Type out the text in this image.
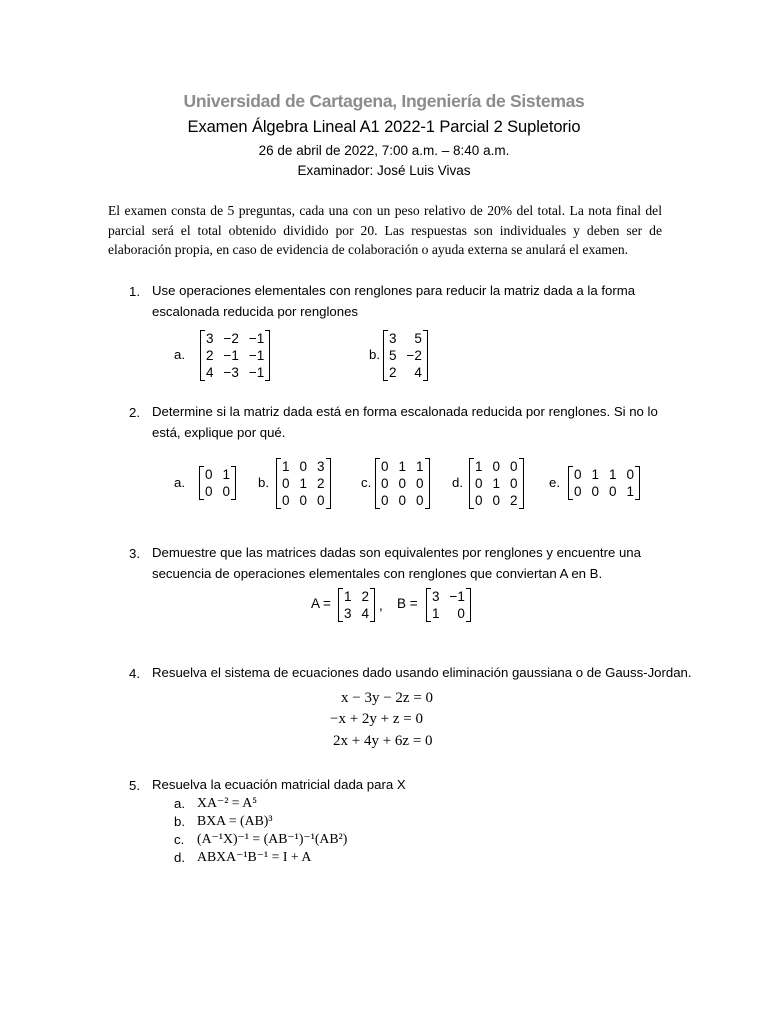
Universidad de Cartagena, Ingeniería de Sistemas
Examen Álgebra Lineal A1 2022-1 Parcial 2 Supletorio
26 de abril de 2022, 7:00 a.m. – 8:40 a.m.
Examinador: José Luis Vivas
El examen consta de 5 preguntas, cada una con un peso relativo de 20% del total. La nota final del parcial será el total obtenido dividido por 20. Las respuestas son individuales y deben ser de elaboración propia, en caso de evidencia de colaboración o ayuda externa se anulará el examen.
1. Use operaciones elementales con renglones para reducir la matriz dada a la forma
escalonada reducida por renglones
a.
3	−2	−1
2	−1	−1
4	−3	−1
b.
3	5
5	−2
2	4
2. Determine si la matriz dada está en forma escalonada reducida por renglones. Si no lo
está, explique por qué.
a.
0	1
0	0
b.
1	0	3
0	1	2
0	0	0
c.
0	1	1
0	0	0
0	0	0
d.
1	0	0
0	1	0
0	0	2
e.
0	1	1	0
0	0	0	1
3. Demuestre que las matrices dadas son equivalentes por renglones y encuentre una
secuencia de operaciones elementales con renglones que conviertan A en B.
A = 1	2
3	4
, B = 3	−1
1	0
4. Resuelva el sistema de ecuaciones dado usando eliminación gaussiana o de Gauss-Jordan.
x − 3y − 2z = 0
−x + 2y + z = 0
2x + 4y + 6z = 0
5. Resuelva la ecuación matricial dada para X
a. XA⁻² = A⁵
b. BXA = (AB)³
c. (A⁻¹X)⁻¹ = (AB⁻¹)⁻¹(AB²)
d. ABXA⁻¹B⁻¹ = I + A
